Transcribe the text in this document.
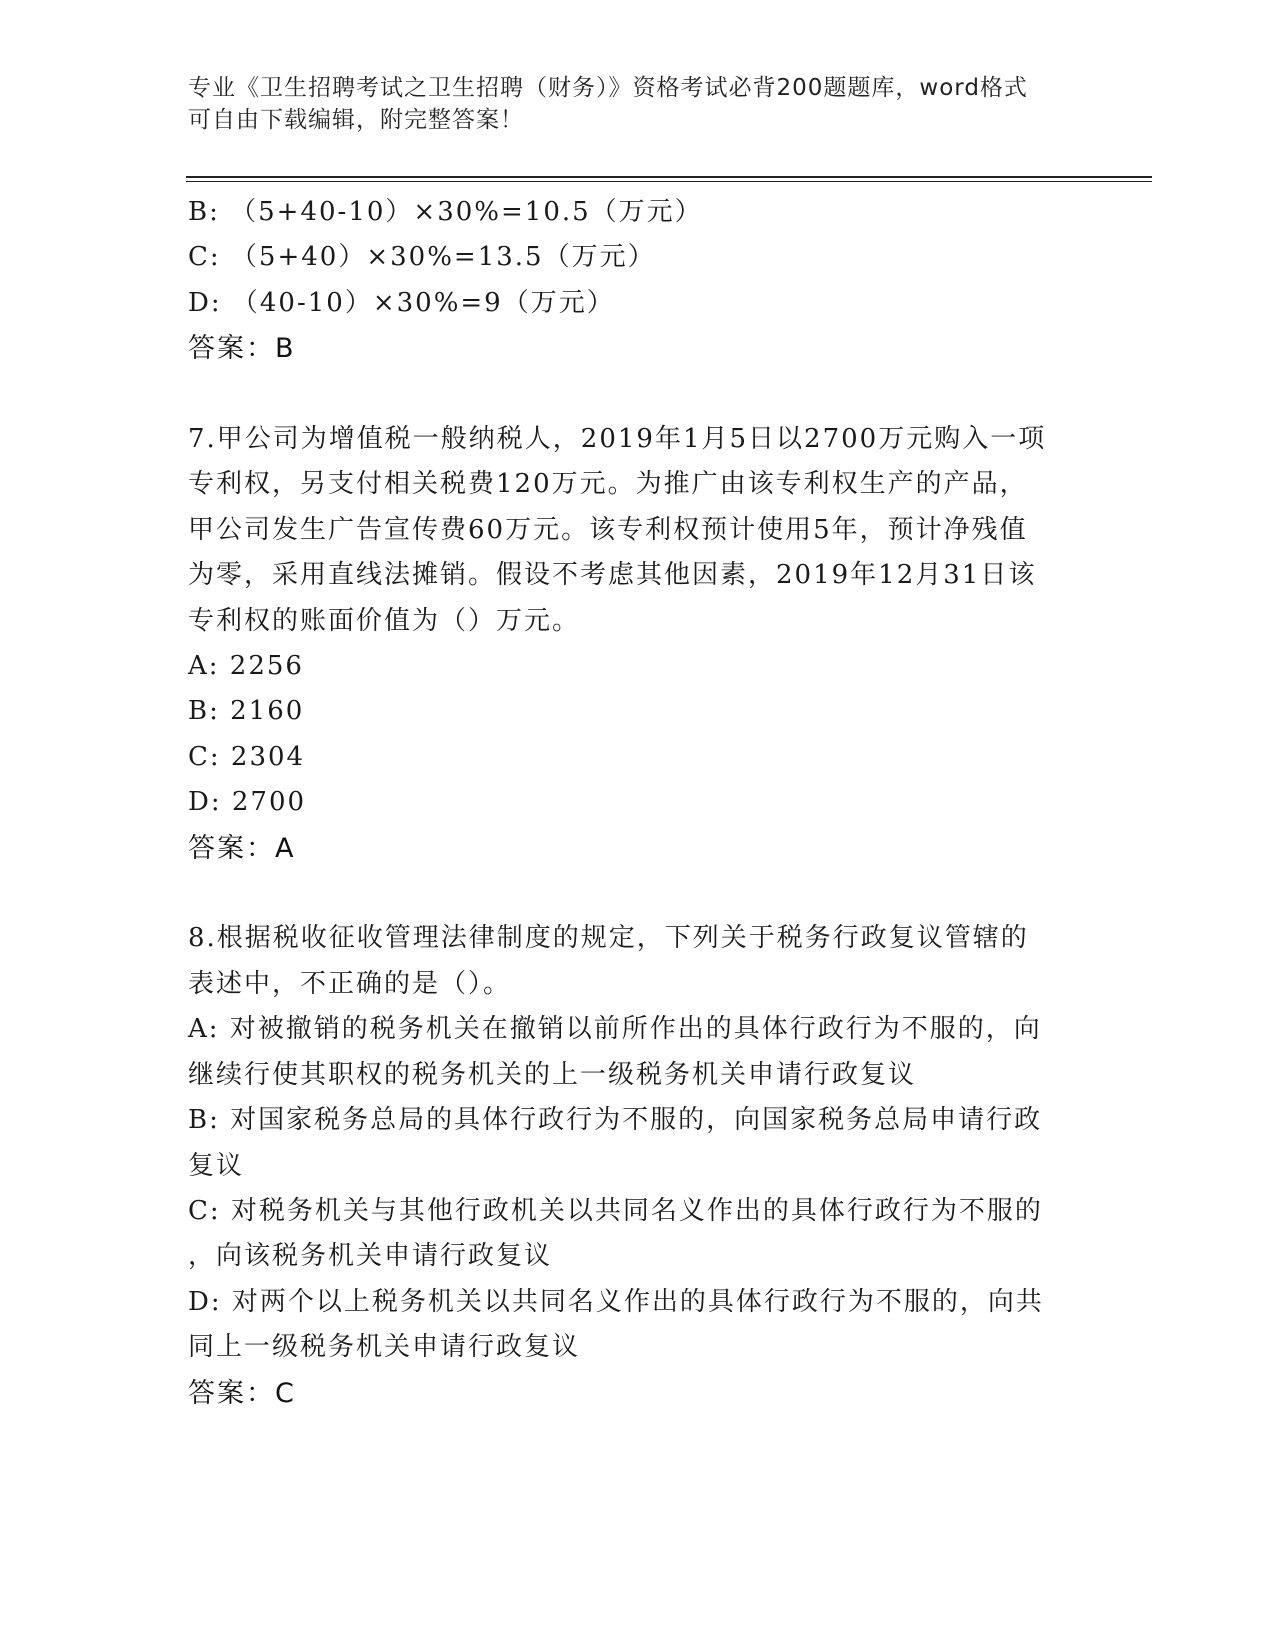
专业《卫生招聘考试之卫生招聘（财务）》资格考试必背200题题库，word格式
可自由下载编辑，附完整答案！
B: （5+40-10）×30%=10.5（万元）
C: （5+40）×30%=13.5（万元）
D: （40-10）×30%=9（万元）
答案：B
7.甲公司为增值税一般纳税人，2019年1月5日以2700万元购入一项
专利权，另支付相关税费120万元。为推广由该专利权生产的产品，
甲公司发生广告宣传费60万元。该专利权预计使用5年，预计净残值
为零，采用直线法摊销。假设不考虑其他因素，2019年12月31日该
专利权的账面价值为（）万元。
A: 2256
B: 2160
C: 2304
D: 2700
答案：A
8.根据税收征收管理法律制度的规定，下列关于税务行政复议管辖的
表述中，不正确的是（）。
A: 对被撤销的税务机关在撤销以前所作出的具体行政行为不服的，向
继续行使其职权的税务机关的上一级税务机关申请行政复议
B: 对国家税务总局的具体行政行为不服的，向国家税务总局申请行政
复议
C: 对税务机关与其他行政机关以共同名义作出的具体行政行为不服的
，向该税务机关申请行政复议
D: 对两个以上税务机关以共同名义作出的具体行政行为不服的，向共
同上一级税务机关申请行政复议
答案：C
